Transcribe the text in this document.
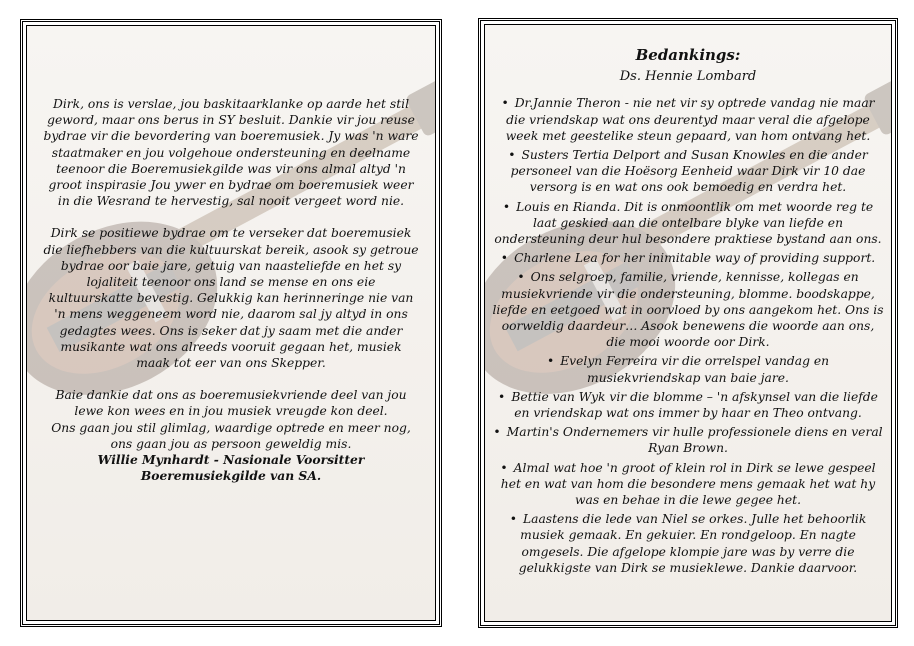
Dirk, ons is verslae, jou baskitaarklanke op aarde het stil geword, maar ons berus in SY besluit. Dankie vir jou reuse bydrae vir die bevordering van boeremusiek. Jy was 'n ware staatmaker en jou volgehoue ondersteuning en deelname teenoor die Boeremusiekgilde was vir ons almal altyd 'n groot inspirasie Jou ywer en bydrae om boeremusiek weer in die Wesrand te hervestig, sal nooit vergeet word nie.

Dirk se positiewe bydrae om te verseker dat boeremusiek die liefhebbers van die kultuurskat bereik, asook sy getroue bydrae oor baie jare, getuig van naasteliefde en het sy lojaliteit teenoor ons land se mense en ons eie kultuurskatte bevestig. Gelukkig kan herinneringe nie van 'n mens weggeneem word nie, daarom sal jy altyd in ons gedagtes wees. Ons is seker dat jy saam met die ander musikante wat ons alreeds vooruit gegaan het, musiek maak tot eer van ons Skepper.

Baie dankie dat ons as boeremusiekvriende deel van jou lewe kon wees en in jou musiek vreugde kon deel.

Ons gaan jou stil glimlag, waardige optrede en meer nog, ons gaan jou as persoon geweldig mis.

Willie Mynhardt - Nasionale Voorsitter Boeremusiekgilde van SA.

Bedankings:

Ds. Hennie Lombard

• Dr.Jannie Theron - nie net vir sy optrede vandag nie maar die vriendskap wat ons deurentyd maar veral die afgelope week met geestelike steun gepaard, van hom ontvang het.
• Susters Tertia Delport and Susan Knowles en die ander personeel van die Hoësorg Eenheid waar Dirk vir 10 dae versorg is en wat ons ook bemoedig en verdra het.
• Louis en Rianda. Dit is onmoontlik om met woorde reg te laat geskied aan die ontelbare blyke van liefde en ondersteuning deur hul besondere praktiese bystand aan ons.
• Charlene Lea for her inimitable way of providing support.
• Ons selgroep, familie, vriende, kennisse, kollegas en musiekvriende vir die ondersteuning, blomme. boodskappe, liefde en eetgoed wat in oorvloed by ons aangekom het. Ons is oorweldig daardeur… Asook benewens die woorde aan ons, die mooi woorde oor Dirk.
• Evelyn Ferreira vir die orrelspel vandag en musiekvriendskap van baie jare.
• Bettie van Wyk vir die blomme – 'n afskynsel van die liefde en vriendskap wat ons immer by haar en Theo ontvang.
• Martin's Ondernemers vir hulle professionele diens en veral Ryan Brown.
• Almal wat hoe 'n groot of klein rol in Dirk se lewe gespeel het en wat van hom die besondere mens gemaak het wat hy was en behae in die lewe gegee het.
• Laastens die lede van Niel se orkes. Julle het behoorlik musiek gemaak. En gekuier. En rondgeloop. En nagte omgesels. Die afgelope klompie jare was by verre die gelukkigste van Dirk se musieklewe. Dankie daarvoor.
